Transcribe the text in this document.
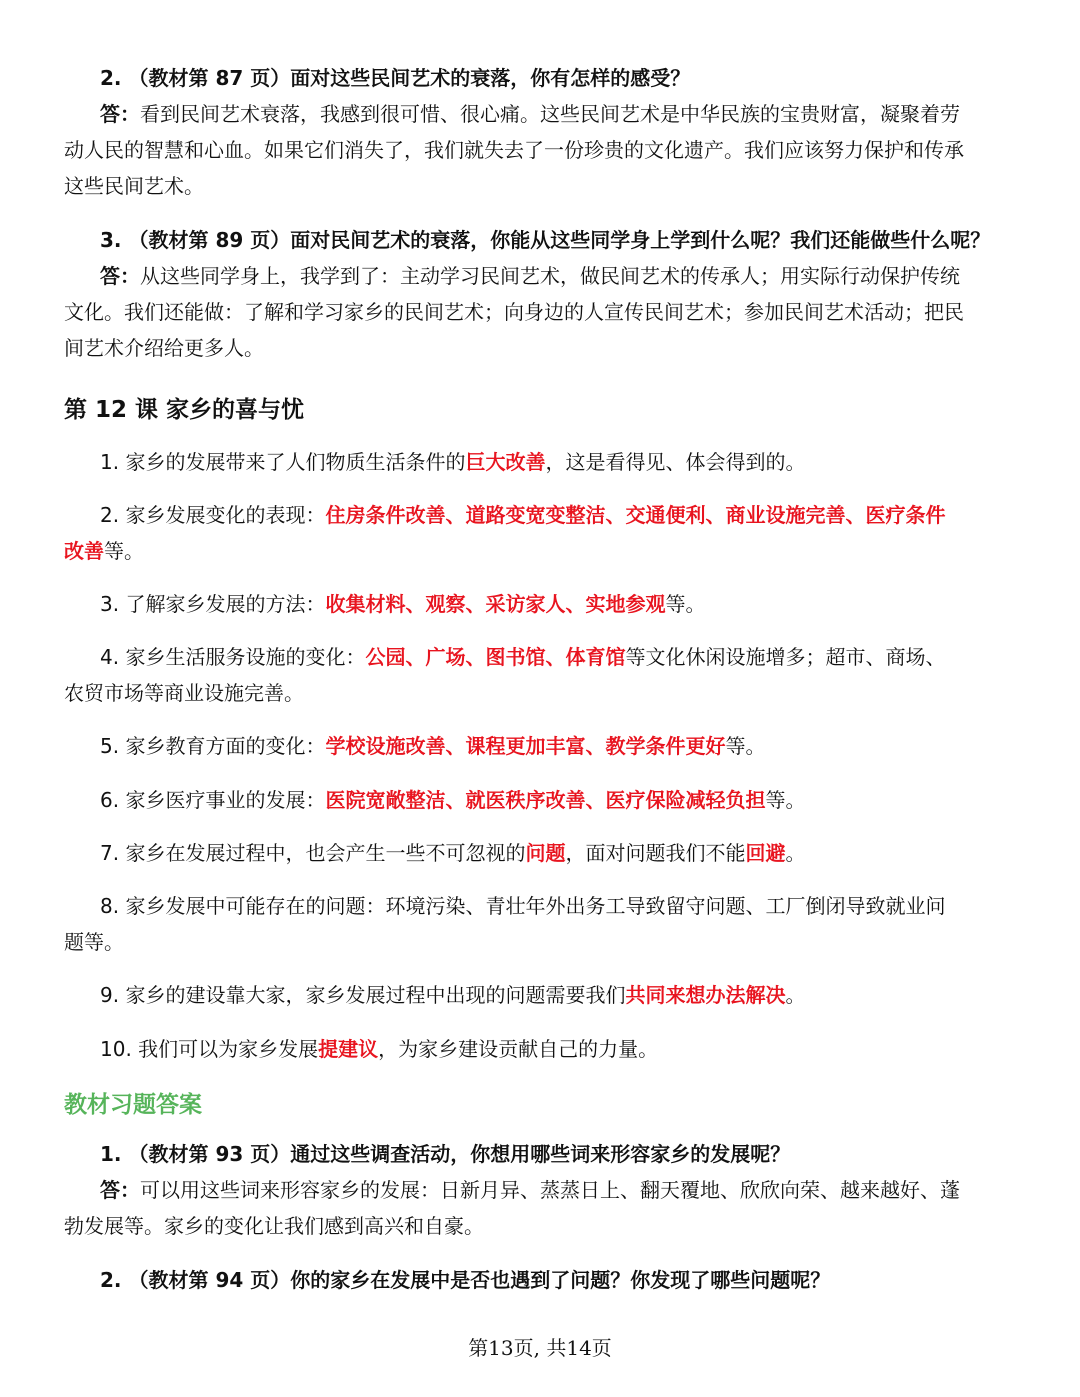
2. （教材第 87 页）面对这些民间艺术的衰落，你有怎样的感受？
答：看到民间艺术衰落，我感到很可惜、很心痛。这些民间艺术是中华民族的宝贵财富，凝聚着劳
动人民的智慧和心血。如果它们消失了，我们就失去了一份珍贵的文化遗产。我们应该努力保护和传承
这些民间艺术。
3. （教材第 89 页）面对民间艺术的衰落，你能从这些同学身上学到什么呢？我们还能做些什么呢？
答：从这些同学身上，我学到了：主动学习民间艺术，做民间艺术的传承人；用实际行动保护传统
文化。我们还能做：了解和学习家乡的民间艺术；向身边的人宣传民间艺术；参加民间艺术活动；把民
间艺术介绍给更多人。
第 12 课 家乡的喜与忧
1. 家乡的发展带来了人们物质生活条件的巨大改善，这是看得见、体会得到的。
2. 家乡发展变化的表现：住房条件改善、道路变宽变整洁、交通便利、商业设施完善、医疗条件
改善等。
3. 了解家乡发展的方法：收集材料、观察、采访家人、实地参观等。
4. 家乡生活服务设施的变化：公园、广场、图书馆、体育馆等文化休闲设施增多；超市、商场、
农贸市场等商业设施完善。
5. 家乡教育方面的变化：学校设施改善、课程更加丰富、教学条件更好等。
6. 家乡医疗事业的发展：医院宽敞整洁、就医秩序改善、医疗保险减轻负担等。
7. 家乡在发展过程中，也会产生一些不可忽视的问题，面对问题我们不能回避。
8. 家乡发展中可能存在的问题：环境污染、青壮年外出务工导致留守问题、工厂倒闭导致就业问
题等。
9. 家乡的建设靠大家，家乡发展过程中出现的问题需要我们共同来想办法解决。
10. 我们可以为家乡发展提建议，为家乡建设贡献自己的力量。
教材习题答案
1. （教材第 93 页）通过这些调查活动，你想用哪些词来形容家乡的发展呢？
答：可以用这些词来形容家乡的发展：日新月异、蒸蒸日上、翻天覆地、欣欣向荣、越来越好、蓬
勃发展等。家乡的变化让我们感到高兴和自豪。
2. （教材第 94 页）你的家乡在发展中是否也遇到了问题？你发现了哪些问题呢？
第13页, 共14页
